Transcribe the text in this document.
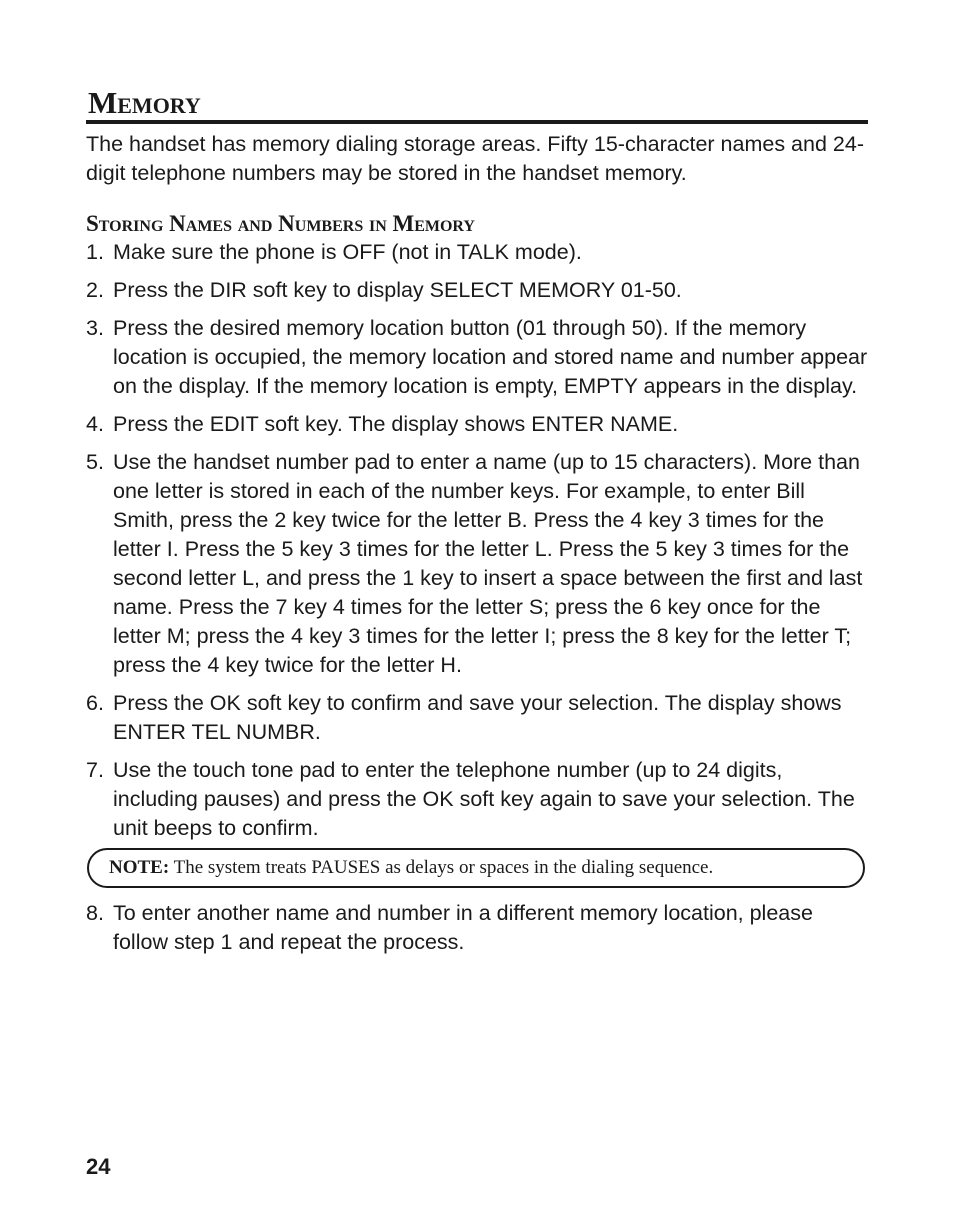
Memory

The handset has memory dialing storage areas. Fifty 15-character names and 24-digit telephone numbers may be stored in the handset memory.

Storing Names and Numbers in Memory
1. Make sure the phone is OFF (not in TALK mode).
2. Press the DIR soft key to display SELECT MEMORY 01-50.
3. Press the desired memory location button (01 through 50). If the memory location is occupied, the memory location and stored name and number appear on the display. If the memory location is empty, EMPTY appears in the display.
4. Press the EDIT soft key. The display shows ENTER NAME.
5. Use the handset number pad to enter a name (up to 15 characters). More than one letter is stored in each of the number keys. For example, to enter Bill Smith, press the 2 key twice for the letter B. Press the 4 key 3 times for the letter I. Press the 5 key 3 times for the letter L. Press the 5 key 3 times for the second letter L, and press the 1 key to insert a space between the first and last name. Press the 7 key 4 times for the letter S; press the 6 key once for the letter M; press the 4 key 3 times for the letter I; press the 8 key for the letter T; press the 4 key twice for the letter H.
6. Press the OK soft key to confirm and save your selection. The display shows ENTER TEL NUMBR.
7. Use the touch tone pad to enter the telephone number (up to 24 digits, including pauses) and press the OK soft key again to save your selection. The unit beeps to confirm.
NOTE: The system treats PAUSES as delays or spaces in the dialing sequence.
8. To enter another name and number in a different memory location, please follow step 1 and repeat the process.
24
